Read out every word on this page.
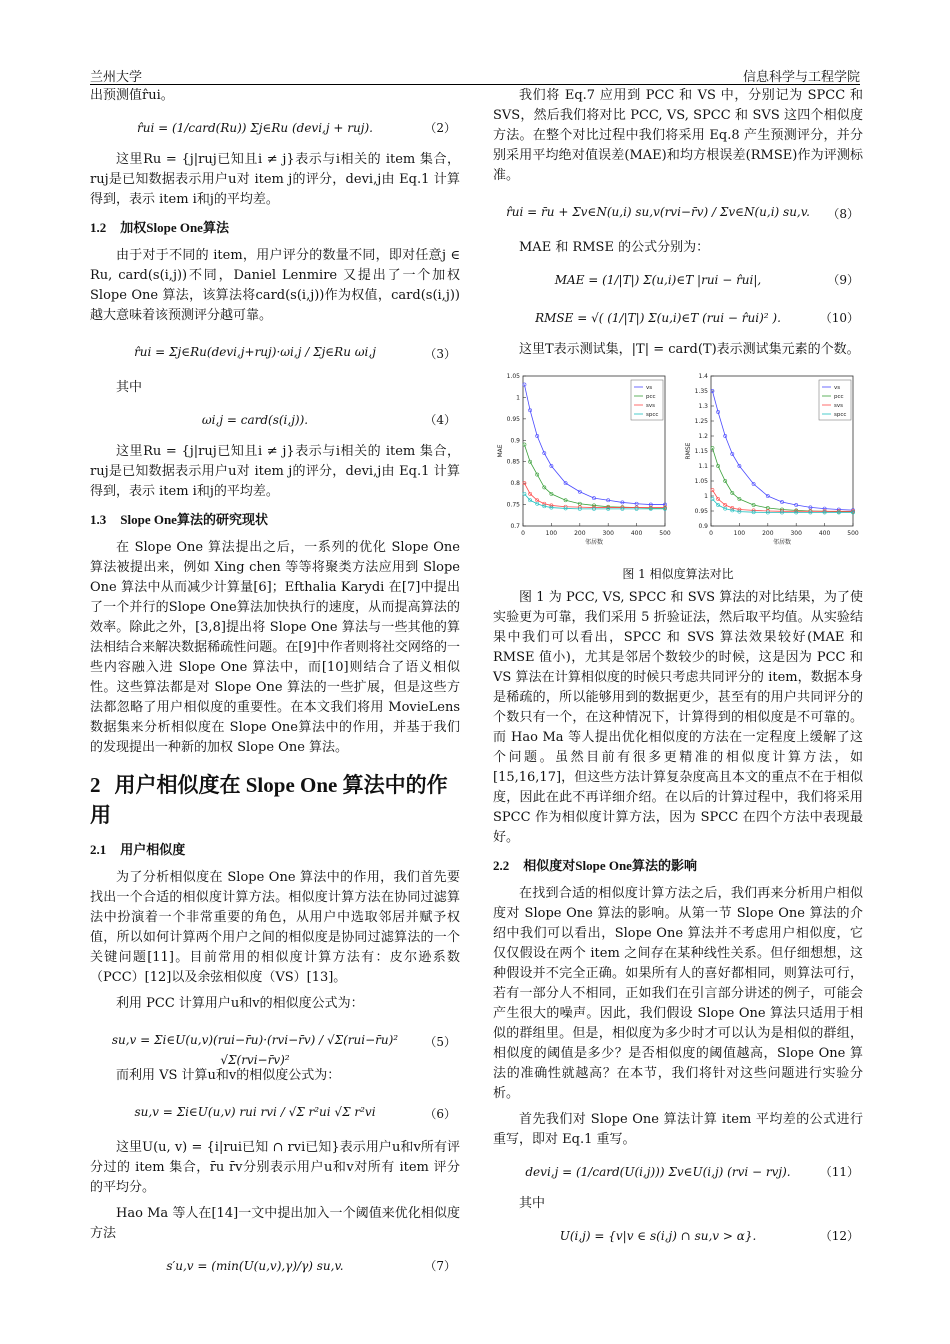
兰州大学	信息科学与工程学院

出预测值r̂ui。

r̂ui = (1/card(Ru)) Σj∈Ru (devi,j + ruj).	（2）

这里Ru = {j|ruj已知且i ≠ j}表示与i相关的 item 集合，ruj是已知数据表示用户u对 item j的评分，devi,j由 Eq.1 计算得到，表示 item i和j的平均差。

1.2 加权Slope One算法

由于对于不同的 item，用户评分的数量不同，即对任意j ∈ Ru, card(s(i,j))不同，Daniel Lenmire 又提出了一个加权 Slope One 算法，该算法将card(s(i,j))作为权值，card(s(i,j))越大意味着该预测评分越可靠。

r̂ui = Σj∈Ru(devi,j+ruj)·ωi,j / Σj∈Ru ωi,j	（3）

其中

ωi,j = card(s(i,j)).	（4）

这里Ru = {j|ruj已知且i ≠ j}表示与i相关的 item 集合，ruj是已知数据表示用户u对 item j的评分，devi,j由 Eq.1 计算得到，表示 item i和j的平均差。

1.3 Slope One算法的研究现状

在 Slope One 算法提出之后，一系列的优化 Slope One 算法被提出来，例如 Xing chen 等等将聚类方法应用到 Slope One 算法中从而减少计算量[6]；Efthalia Karydi 在[7]中提出了一个并行的Slope One算法加快执行的速度，从而提高算法的效率。除此之外，[3,8]提出将 Slope One 算法与一些其他的算法相结合来解决数据稀疏性问题。在[9]中作者则将社交网络的一些内容融入进 Slope One 算法中，而[10]则结合了语义相似性。这些算法都是对 Slope One 算法的一些扩展，但是这些方法都忽略了用户相似度的重要性。在本文我们将用 MovieLens 数据集来分析相似度在 Slope One算法中的作用，并基于我们的发现提出一种新的加权 Slope One 算法。

2 用户相似度在 Slope One 算法中的作用
2.1 用户相似度

为了分析相似度在 Slope One 算法中的作用，我们首先要找出一个合适的相似度计算方法。相似度计算方法在协同过滤算法中扮演着一个非常重要的角色，从用户中选取邻居并赋予权值，所以如何计算两个用户之间的相似度是协同过滤算法的一个关键问题[11]。目前常用的相似度计算方法有：皮尔逊系数（PCC）[12]以及余弦相似度（VS）[13]。

利用 PCC 计算用户u和v的相似度公式为：

su,v = Σi∈U(u,v)(rui−r̄u)·(rvi−r̄v) / √Σ(rui−r̄u)² √Σ(rvi−r̄v)²
（5）

而利用 VS 计算u和v的相似度公式为：

su,v = Σi∈U(u,v) rui rvi / √Σ r²ui √Σ r²vi	（6）

这里U(u, v) = {i|rui已知 ∩ rvi已知}表示用户u和v所有评分过的 item 集合，r̄u r̄v分别表示用户u和v对所有 item 评分的平均分。

Hao Ma 等人在[14]一文中提出加入一个阈值来优化相似度方法

s′u,v = (min(U(u,v),γ)/γ) su,v.	（7）

我们将 Eq.7 应用到 PCC 和 VS 中，分别记为 SPCC 和 SVS，然后我们将对比 PCC, VS, SPCC 和 SVS 这四个相似度方法。在整个对比过程中我们将采用 Eq.8 产生预测评分，并分别采用平均绝对值误差(MAE)和均方根误差(RMSE)作为评测标准。

r̂ui = r̄u + Σv∈N(u,i) su,v(rvi−r̄v) / Σv∈N(u,i) su,v.	（8）

MAE 和 RMSE 的公式分别为：

MAE = (1/|T|) Σ(u,i)∈T |rui − r̂ui|,	（9）
RMSE = √( (1/|T|) Σ(u,i)∈T (rui − r̂ui)² ).	（10）

这里T表示测试集，|T| = card(T)表示测试集元素的个数。

0	100	200	300	400	500
0.7
0.75
0.8
0.85
0.9
0.95
1
1.05
邻居数
MAE
vs
pcc
svs
spcc
0	100	200	300	400	500
0.9
0.95
1
1.05
1.1
1.15
1.2
1.25
1.3
1.35
1.4
邻居数
RMSE
vs
pcc
svs
spcc
图 1 相似度算法对比

图 1 为 PCC, VS, SPCC 和 SVS 算法的对比结果，为了使实验更为可靠，我们采用 5 折验证法，然后取平均值。从实验结果中我们可以看出，SPCC 和 SVS 算法效果较好(MAE 和 RMSE 值小)，尤其是邻居个数较少的时候，这是因为 PCC 和 VS 算法在计算相似度的时候只考虑共同评分的 item，数据本身是稀疏的，所以能够用到的数据更少，甚至有的用户共同评分的个数只有一个，在这种情况下，计算得到的相似度是不可靠的。而 Hao Ma 等人提出优化相似度的方法在一定程度上缓解了这个问题。虽然目前有很多更精准的相似度计算方法，如[15,16,17]，但这些方法计算复杂度高且本文的重点不在于相似度，因此在此不再详细介绍。在以后的计算过程中，我们将采用 SPCC 作为相似度计算方法，因为 SPCC 在四个方法中表现最好。

2.2 相似度对Slope One算法的影响

在找到合适的相似度计算方法之后，我们再来分析用户相似度对 Slope One 算法的影响。从第一节 Slope One 算法的介绍中我们可以看出，Slope One 算法并不考虑用户相似度，它仅仅假设在两个 item 之间存在某种线性关系。但仔细想想，这种假设并不完全正确。如果所有人的喜好都相同，则算法可行，若有一部分人不相同，正如我们在引言部分讲述的例子，可能会产生很大的噪声。因此，我们假设 Slope One 算法只适用于相似的群组里。但是，相似度为多少时才可以认为是相似的群组，相似度的阈值是多少？是否相似度的阈值越高，Slope One 算法的准确性就越高？在本节，我们将针对这些问题进行实验分析。

首先我们对 Slope One 算法计算 item 平均差的公式进行重写，即对 Eq.1 重写。

devi,j = (1/card(U(i,j))) Σv∈U(i,j) (rvi − rvj).	（11）

其中

U(i,j) = {v|v ∈ s(i,j) ∩ su,v > α}.	（12）
